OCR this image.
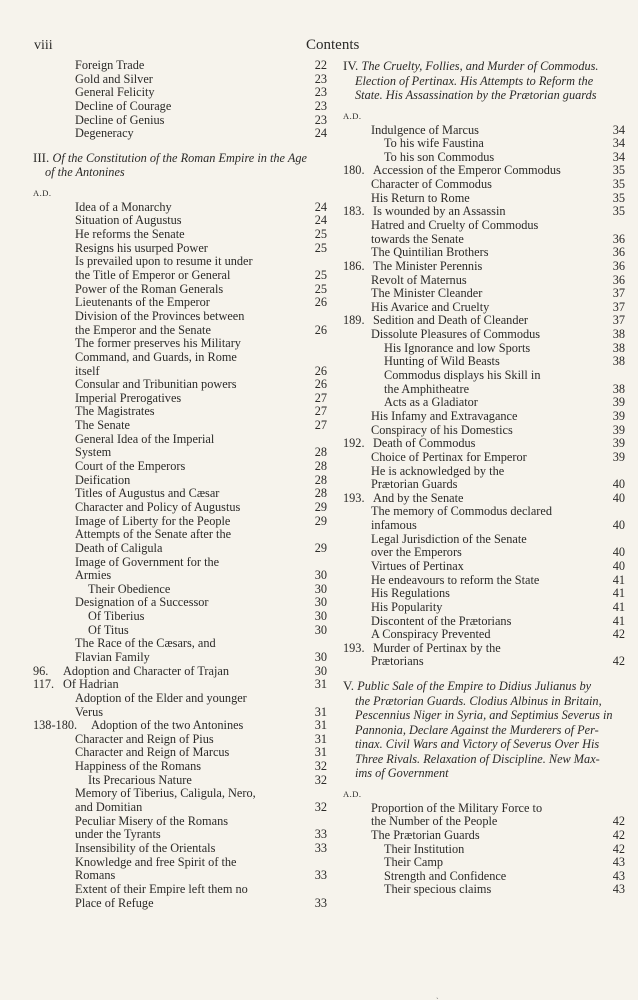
viii	Contents
Foreign Trade	22
Gold and Silver	23
General Felicity	23
Decline of Courage	23
Decline of Genius	23
Degeneracy	24
III. Of the Constitution of the Roman Empire in the Age
of the Antonines
A.D.
Idea of a Monarchy	24
Situation of Augustus	24
He reforms the Senate	25
Resigns his usurped Power	25
Is prevailed upon to resume it under
the Title of Emperor or General	25
Power of the Roman Generals	25
Lieutenants of the Emperor	26
Division of the Provinces between
the Emperor and the Senate	26
The former preserves his Military
Command, and Guards, in Rome
itself	26
Consular and Tribunitian powers	26
Imperial Prerogatives	27
The Magistrates	27
The Senate	27
General Idea of the Imperial
System	28
Court of the Emperors	28
Deification	28
Titles of Augustus and Cæsar	28
Character and Policy of Augustus	29
Image of Liberty for the People	29
Attempts of the Senate after the
Death of Caligula	29
Image of Government for the
Armies	30
Their Obedience	30
Designation of a Successor	30
Of Tiberius	30
Of Titus	30
The Race of the Cæsars, and
Flavian Family	30
96. Adoption and Character of Trajan	30
117. Of Hadrian	31
Adoption of the Elder and younger
Verus	31
138-180. Adoption of the two Antonines	31
Character and Reign of Pius	31
Character and Reign of Marcus	31
Happiness of the Romans	32
Its Precarious Nature	32
Memory of Tiberius, Caligula, Nero,
and Domitian	32
Peculiar Misery of the Romans
under the Tyrants	33
Insensibility of the Orientals	33
Knowledge and free Spirit of the
Romans	33
Extent of their Empire left them no
Place of Refuge	33
IV. The Cruelty, Follies, and Murder of Commodus.
Election of Pertinax. His Attempts to Reform the
State. His Assassination by the Prætorian guards
A.D.
Indulgence of Marcus	34
To his wife Faustina	34
To his son Commodus	34
180. Accession of the Emperor Commodus	35
Character of Commodus	35
His Return to Rome	35
183. Is wounded by an Assassin	35
Hatred and Cruelty of Commodus
towards the Senate	36
The Quintilian Brothers	36
186. The Minister Perennis	36
Revolt of Maternus	36
The Minister Cleander	37
His Avarice and Cruelty	37
189. Sedition and Death of Cleander	37
Dissolute Pleasures of Commodus	38
His Ignorance and low Sports	38
Hunting of Wild Beasts	38
Commodus displays his Skill in
the Amphitheatre	38
Acts as a Gladiator	39
His Infamy and Extravagance	39
Conspiracy of his Domestics	39
192. Death of Commodus	39
Choice of Pertinax for Emperor	39
He is acknowledged by the
Prætorian Guards	40
193. And by the Senate	40
The memory of Commodus declared
infamous	40
Legal Jurisdiction of the Senate
over the Emperors	40
Virtues of Pertinax	40
He endeavours to reform the State	41
His Regulations	41
His Popularity	41
Discontent of the Prætorians	41
A Conspiracy Prevented	42
193. Murder of Pertinax by the
Prætorians	42
V. Public Sale of the Empire to Didius Julianus by
the Prætorian Guards. Clodius Albinus in Britain,
Pescennius Niger in Syria, and Septimius Severus in
Pannonia, Declare Against the Murderers of Per-
tinax. Civil Wars and Victory of Severus Over His
Three Rivals. Relaxation of Discipline. New Max-
ims of Government
A.D.
Proportion of the Military Force to
the Number of the People	42
The Prætorian Guards	42
Their Institution	42
Their Camp	43
Strength and Confidence	43
Their specious claims	43
ˎ
